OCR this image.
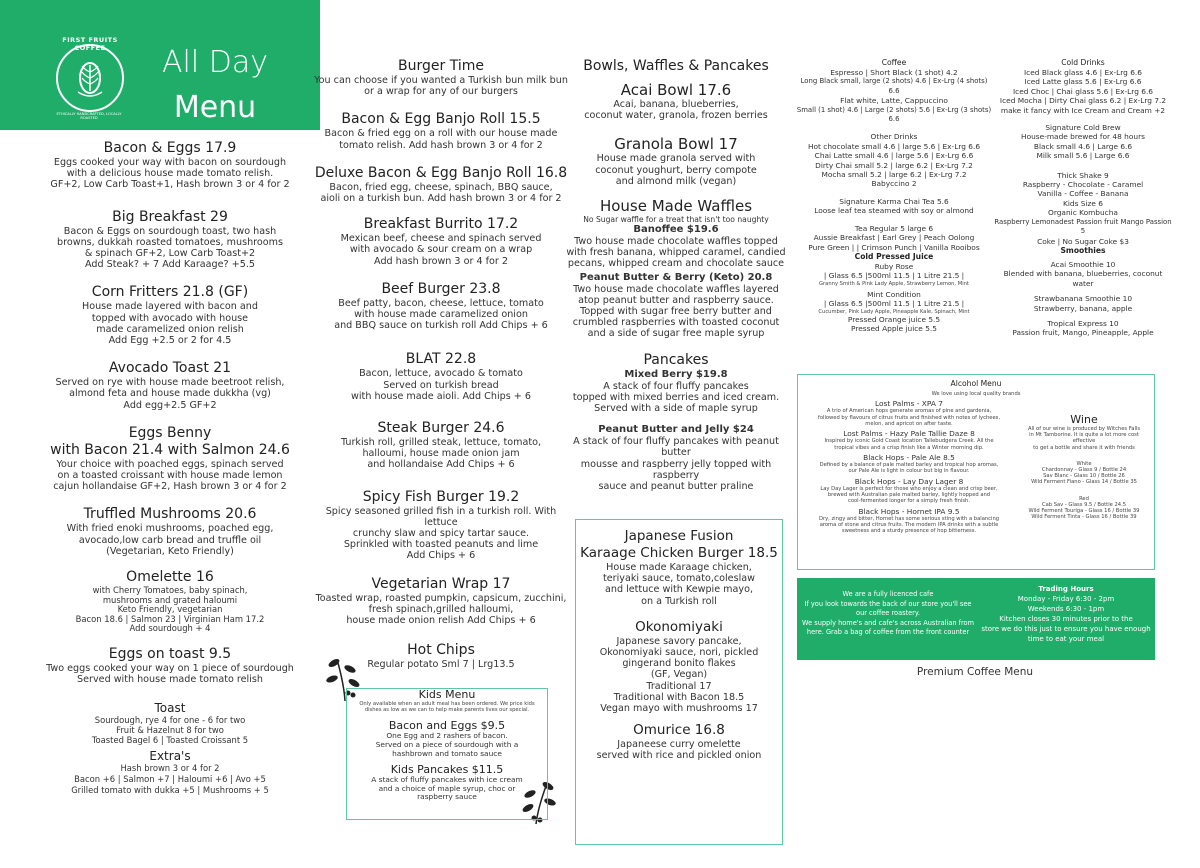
FIRST FRUITS COFFEE
ETHICALLY HANDCRAFTED, LOCALLY ROASTED
All Day
Menu

Bacon & Eggs 17.9

Eggs cooked your way with bacon on sourdough

with a delicious house made tomato relish.

GF+2, Low Carb Toast+1, Hash brown 3 or 4 for 2

Big Breakfast 29

Bacon & Eggs on sourdough toast, two hash

browns, dukkah roasted tomatoes, mushrooms

& spinach GF+2, Low Carb Toast+2

Add Steak? + 7 Add Karaage? +5.5

Corn Fritters 21.8 (GF)

House made layered with bacon and

topped with avocado with house

made caramelized onion relish

Add Egg +2.5 or 2 for 4.5

Avocado Toast 21

Served on rye with house made beetroot relish,

almond feta and house made dukkha (vg)

Add egg+2.5 GF+2

Eggs Benny

with Bacon 21.4 with Salmon 24.6

Your choice with poached eggs, spinach served

on a toasted croissant with house made lemon

cajun hollandaise GF+2, Hash brown 3 or 4 for 2

Truffled Mushrooms 20.6

With fried enoki mushrooms, poached egg,

avocado,low carb bread and truffle oil

(Vegetarian, Keto Friendly)

Omelette 16

with Cherry Tomatoes, baby spinach,

mushrooms and grated haloumi

Keto Friendly, vegetarian

Bacon 18.6 | Salmon 23 | Virginian Ham 17.2

Add sourdough + 4

Eggs on toast 9.5

Two eggs cooked your way on 1 piece of sourdough

Served with house made tomato relish

Toast

Sourdough, rye 4 for one - 6 for two

Fruit & Hazelnut 8 for two

Toasted Bagel 6 | Toasted Croissant 5

Extra's

Hash brown 3 or 4 for 2

Bacon +6 | Salmon +7 | Haloumi +6 | Avo +5

Grilled tomato with dukka +5 | Mushrooms + 5

Burger Time

You can choose if you wanted a Turkish bun milk bun

or a wrap for any of our burgers

Bacon & Egg Banjo Roll 15.5

Bacon & fried egg on a roll with our house made

tomato relish. Add hash brown 3 or 4 for 2

Deluxe Bacon & Egg Banjo Roll 16.8

Bacon, fried egg, cheese, spinach, BBQ sauce,

aioli on a turkish bun. Add hash brown 3 or 4 for 2

Breakfast Burrito 17.2

Mexican beef, cheese and spinach served

with avocado & sour cream on a wrap

Add hash brown 3 or 4 for 2

Beef Burger 23.8

Beef patty, bacon, cheese, lettuce, tomato

with house made caramelized onion

and BBQ sauce on turkish roll Add Chips + 6

BLAT 22.8

Bacon, lettuce, avocado & tomato

Served on turkish bread

with house made aioli. Add Chips + 6

Steak Burger 24.6

Turkish roll, grilled steak, lettuce, tomato,

halloumi, house made onion jam

and hollandaise Add Chips + 6

Spicy Fish Burger 19.2

Spicy seasoned grilled fish in a turkish roll. With lettuce

crunchy slaw and spicy tartar sauce.

Sprinkled with toasted peanuts and lime

Add Chips + 6

Vegetarian Wrap 17

Toasted wrap, roasted pumpkin, capsicum, zucchini,

fresh spinach,grilled halloumi,

house made onion relish Add Chips + 6

Hot Chips

Regular potato Sml 7 | Lrg13.5

Kids Menu

Only available when an adult meal has been ordered. We price kids

dishes as low as we can to help make parents lives our special.

Bacon and Eggs $9.5

One Egg and 2 rashers of bacon.

Served on a piece of sourdough with a

hashbrown and tomato sauce

Kids Pancakes $11.5

A stack of fluffy pancakes with ice cream

and a choice of maple syrup, choc or

raspberry sauce

Bowls, Waffles & Pancakes

Acai Bowl 17.6

Acai, banana, blueberries,

coconut water, granola, frozen berries

Granola Bowl 17

House made granola served with

coconut youghurt, berry compote

and almond milk (vegan)

House Made Waffles

No Sugar waffle for a treat that isn't too naughty

Banoffee $19.6

Two house made chocolate waffles topped

with fresh banana, whipped caramel, candied

pecans, whipped cream and chocolate sauce

Peanut Butter & Berry (Keto) 20.8

Two house made chocolate waffles layered

atop peanut butter and raspberry sauce.

Topped with sugar free berry butter and

crumbled raspberries with toasted coconut

and a side of sugar free maple syrup

Pancakes

Mixed Berry $19.8

A stack of four fluffy pancakes

topped with mixed berries and iced cream.

Served with a side of maple syrup

Peanut Butter and Jelly $24

A stack of four fluffy pancakes with peanut butter

mousse and raspberry jelly topped with raspberry

sauce and peanut butter praline

Japanese Fusion

Karaage Chicken Burger 18.5

House made Karaage chicken,

teriyaki sauce, tomato,coleslaw

and lettuce with Kewpie mayo,

on a Turkish roll

Okonomiyaki

Japanese savory pancake,

Okonomiyaki sauce, nori, pickled

gingerand bonito flakes

(GF, Vegan)

Traditional 17

Traditional with Bacon 18.5

Vegan mayo with mushrooms 17

Omurice 16.8

Japaneese curry omelette

served with rice and pickled onion

Coffee

Espresso | Short Black (1 shot) 4.2

Long Black small, large (2 shots) 4.6 | Ex-Lrg (4 shots) 6.6

Flat white, Latte, Cappuccino

Small (1 shot) 4.6 | Large (2 shots) 5.6 | Ex-Lrg (3 shots) 6.6

Other Drinks

Hot chocolate small 4.6 | large 5.6 | Ex-Lrg 6.6

Chai Latte small 4.6 | large 5.6 | Ex-Lrg 6.6

Dirty Chai small 5.2 | large 6.2 | Ex-Lrg 7.2

Mocha small 5.2 | large 6.2 | Ex-Lrg 7.2

Babyccino 2

Signature Karma Chai Tea 5.6

Loose leaf tea steamed with soy or almond

Tea Regular 5 large 6

Aussie Breakfast | Earl Grey | Peach Oolong

Pure Green | | Crimson Punch | Vanilla Rooibos

Cold Pressed Juice

Ruby Rose

| Glass 6.5 |500ml 11.5 | 1 Litre 21.5 |

Granny Smith & Pink Lady Apple, Strawberry Lemon, Mint

Mint Condition

| Glass 6.5 |500ml 11.5 | 1 Litre 21.5 |

Cucumber, Pink Lady Apple, Pineapple Kale, Spinach, Mint

Pressed Orange juice 5.5

Pressed Apple juice 5.5

Cold Drinks

Iced Black glass 4.6 | Ex-Lrg 6.6

Iced Latte glass 5.6 | Ex-Lrg 6.6

Iced Choc | Chai glass 5.6 | Ex-Lrg 6.6

Iced Mocha | Dirty Chai glass 6.2 | Ex-Lrg 7.2

make it fancy with Ice Cream and Cream +2

Signature Cold Brew

House-made brewed for 48 hours

Black small 4.6 | Large 6.6

Milk small 5.6 | Large 6.6

Thick Shake 9

Raspberry - Chocolate - Caramel

Vanilla - Coffee - Banana

Kids Size 6

Organic Kombucha

Raspberry Lemonadest Passion fruit Mango Passion 5

Coke | No Sugar Coke $3

Smoothies

Acai Smoothie 10

Blended with banana, blueberries, coconut water

Strawbanana Smoothie 10

Strawberry, banana, apple

Tropical Express 10

Passion fruit, Mango, Pineapple, Apple

Alcohol Menu

We love using local quality brands

Lost Palms - XPA 7

A trio of American hops generate aromas of pine and gardenia,

followed by flavours of citrus fruits and finished with notes of lychees,

melon, and apricot on after taste.

Lost Palms - Hazy Pale Tallie Daze 8

Inspired by iconic Gold Coast location Tallebudgera Creek. All the

tropical vibes and a crisp finish like a Winter morning dip.

Black Hops - Pale Ale 8.5

Defined by a balance of pale malted barley and tropical hop aromas,

our Pale Ale is light in colour but big in flavour.

Black Hops - Lay Day Lager 8

Lay Day Lager is perfect for those who enjoy a clean and crisp beer,

brewed with Australian pale malted barley, lightly hopped and

cool-fermented longer for a simply fresh finish.

Black Hops - Hornet IPA 9.5

Dry, zingy and bitter, Hornet has some serious sting with a balancing

aroma of stone and citrus fruits. The modern IPA drinks with a subtle

sweetness and a sturdy presence of hop bitterness.

Wine

All of our wine is produced by Witches Falls

in Mt Tamborine. It is quite a lot more cost effective

to get a bottle and share it with friends

White

Chardonnay - Glass 9 / Bottle 24

Sav Blanc - Glass 10 / Bottle 26

Wild Ferment Fiano - Glass 14 / Bottle 35

Red

Cab Sav - Glass 9.5 / Bottle 24.5

Wild Ferment Touriga - Glass 16 / Bottle 39

Wild Ferment Tinta - Glass 16 / Bottle 39

We are a fully licenced cafe

If you look towards the back of our store you'll see

our coffee roastery.

We supply home's and cafe's across Australian from

here. Grab a bag of coffee from the front counter

Trading Hours

Monday - Friday 6:30 - 2pm

Weekends 6:30 - 1pm

Kitchen closes 30 minutes prior to the

store we do this just to ensure you have enough

time to eat your meal

Premium Coffee Menu
